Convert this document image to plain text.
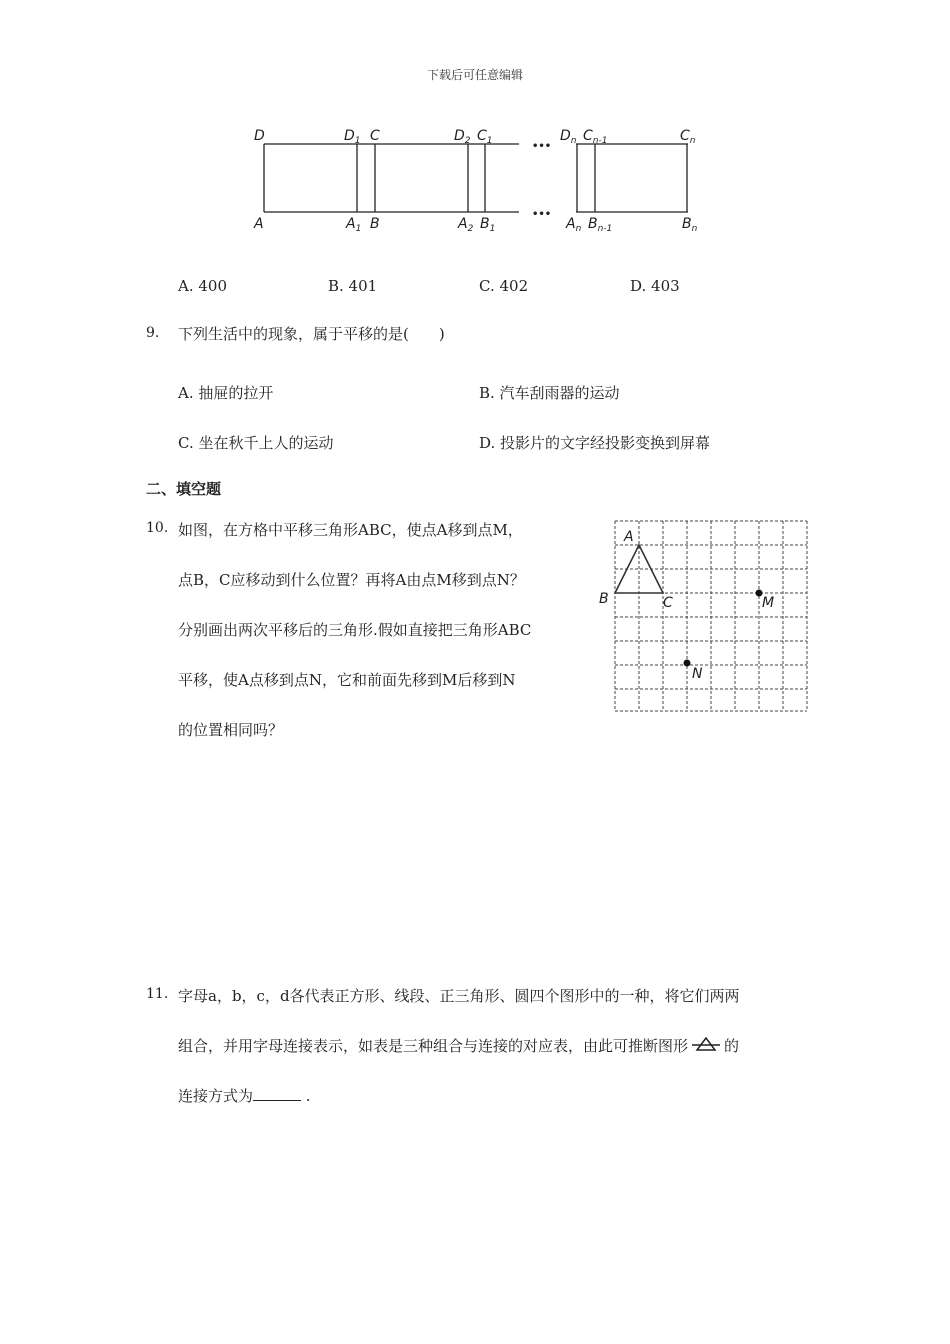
下载后可任意编辑
•••
•••
D	$D_1$ C	$D_2$ $C_1$	$D_n$ $C_{n-1}$	$C_n$
A	$A_1$ B	$A_2$ $B_1$	$A_n$ $B_{n-1}$	$B_n$
A. 400	B. 401	C. 402	D. 403
9. 下列生活中的现象，属于平移的是(　　)
A. 抽屉的拉开	B. 汽车刮雨器的运动
C. 坐在秋千上人的运动	D. 投影片的文字经投影变换到屏幕
二、填空题
10. 如图，在方格中平移三角形ABC，使点A移到点M，
点B，C应移动到什么位置？再将A由点M移到点N？
分别画出两次平移后的三角形.假如直接把三角形ABC
平移，使A点移到点N，它和前面先移到M后移到N
的位置相同吗？
A
B	C	M
N
11. 字母a，b，c，d各代表正方形、线段、正三角形、圆四个图形中的一种，将它们两两
组合，并用字母连接表示，如表是三种组合与连接的对应表，由此可推断图形 的
连接方式为	.
